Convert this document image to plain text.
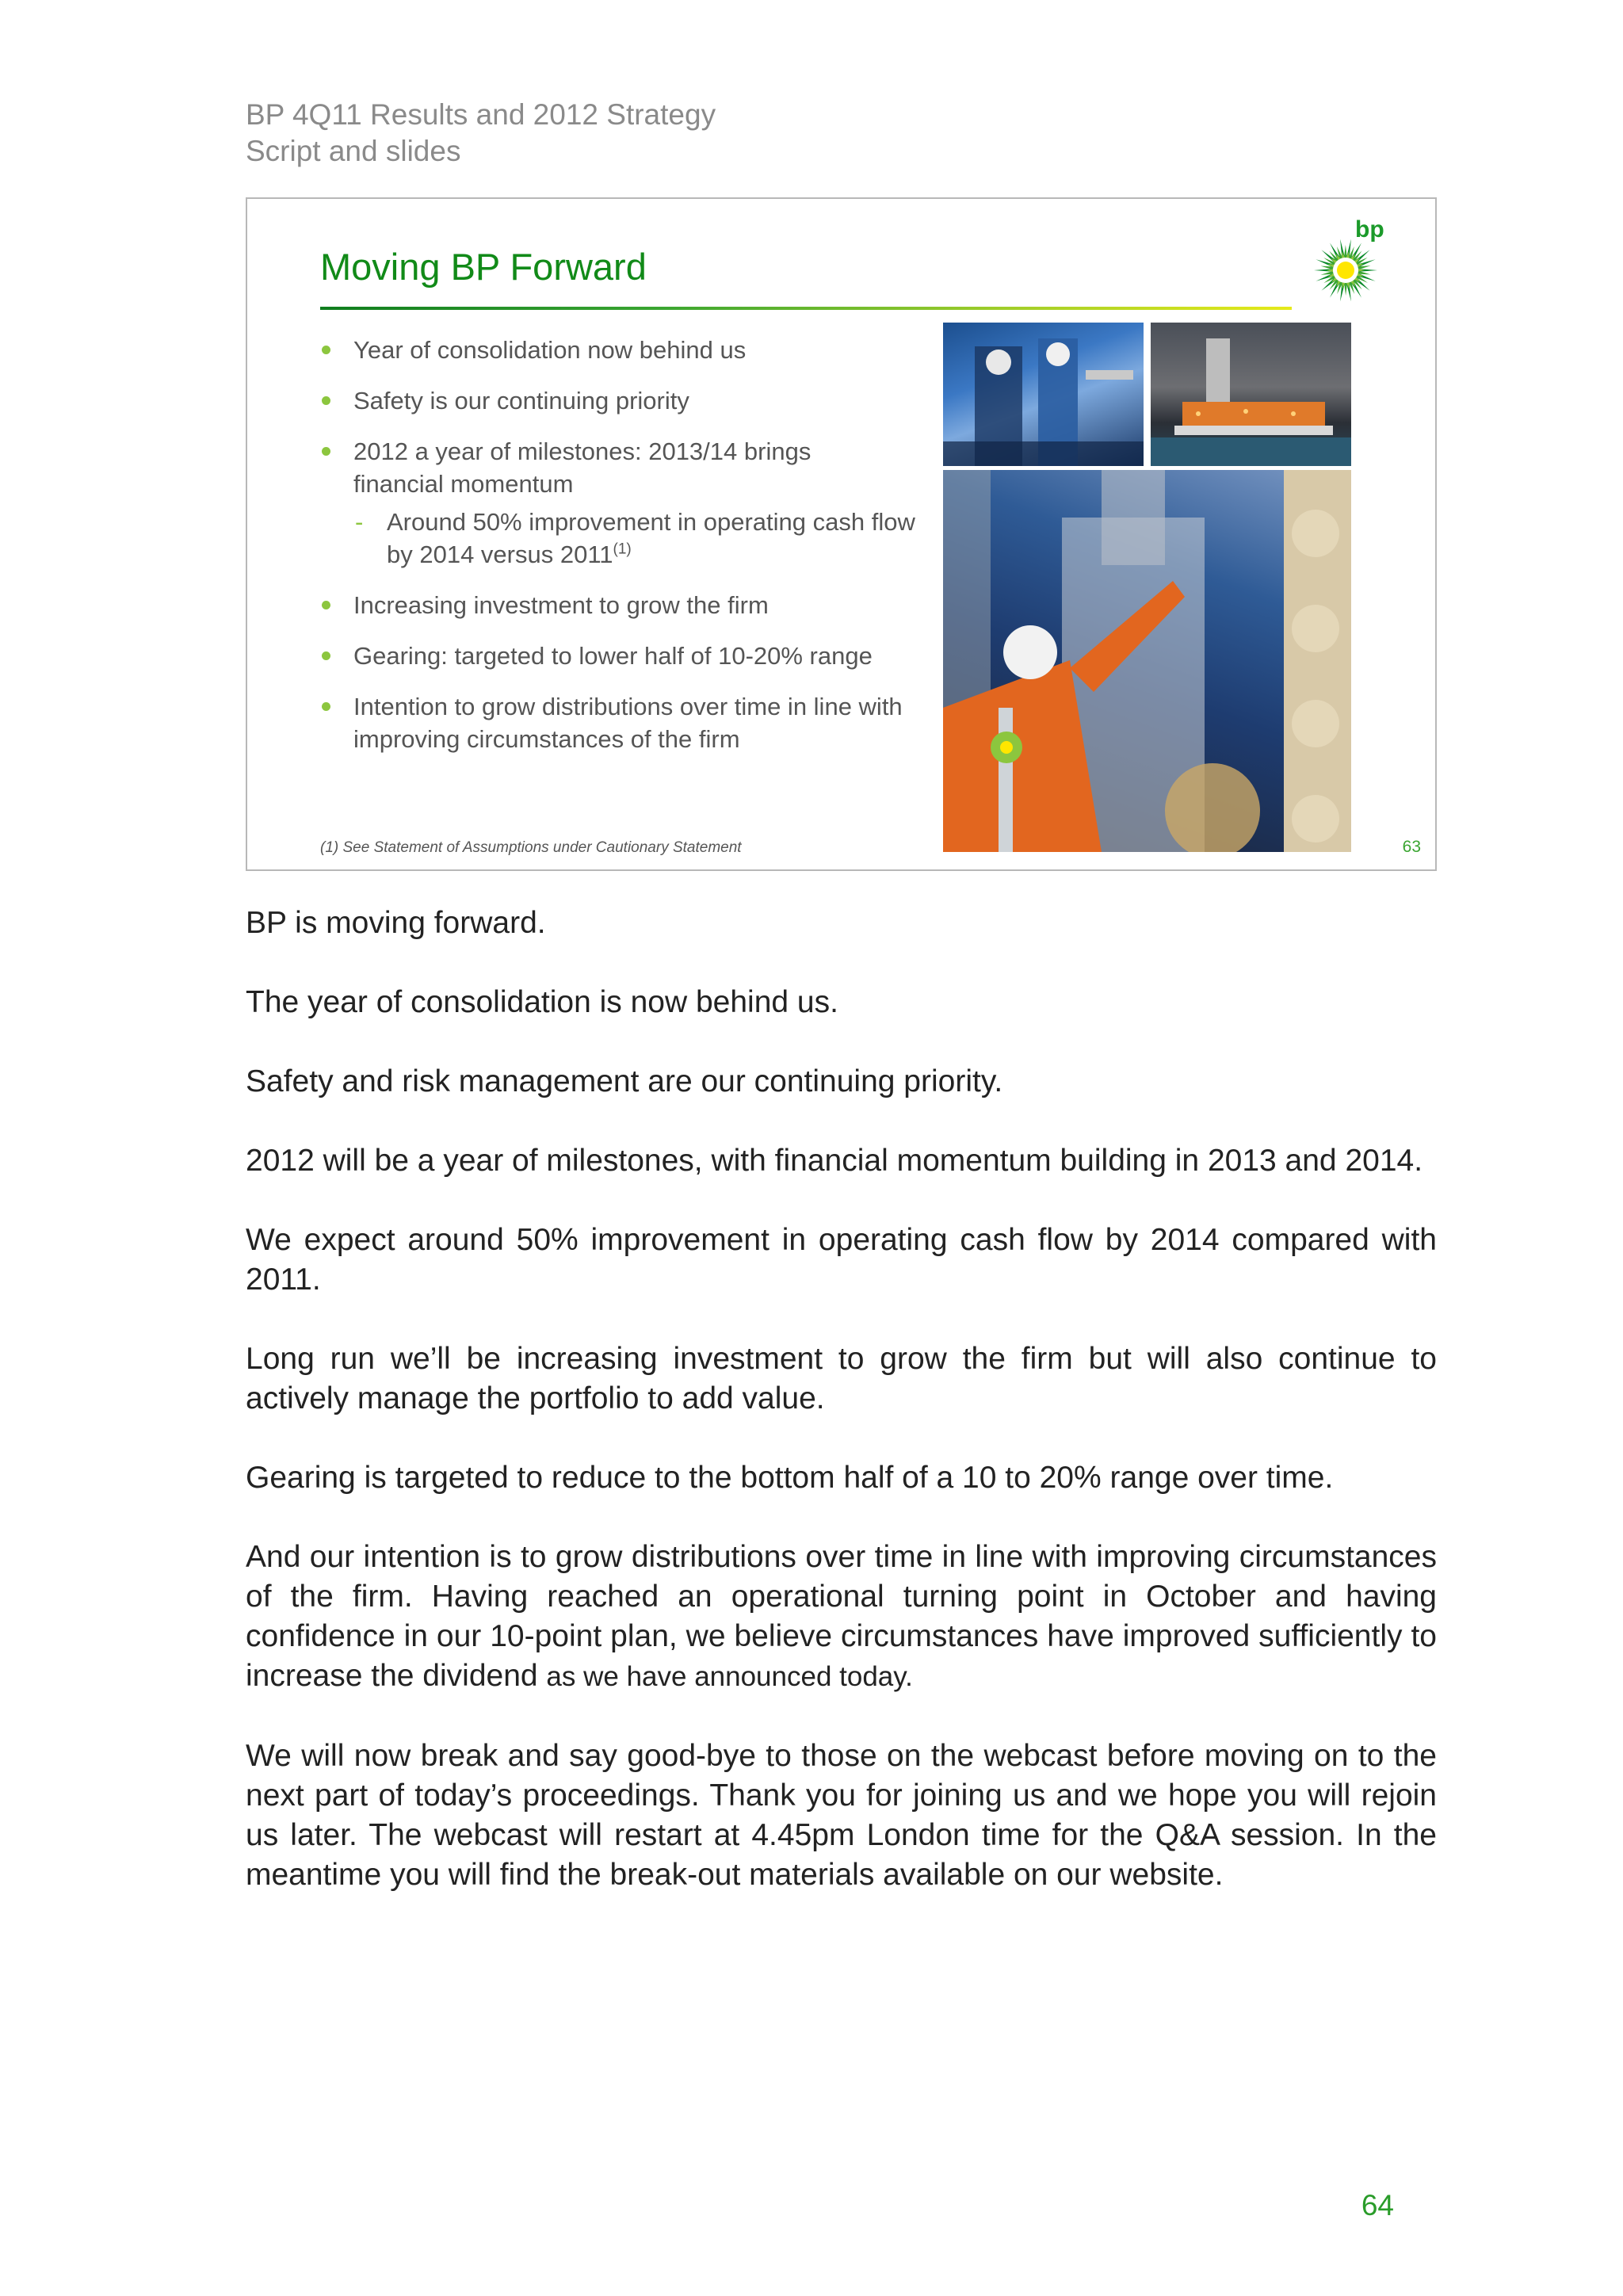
BP 4Q11 Results and 2012 Strategy
Script and slides
Moving BP Forward
bp
Year of consolidation now behind us
Safety is our continuing priority
2012 a year of milestones: 2013/14 brings financial momentum
- Around 50% improvement in operating cash flow by 2014 versus 2011$^{(1)}$
Increasing investment to grow the firm
Gearing: targeted to lower half of 10-20% range
Intention to grow distributions over time in line with improving circumstances of the firm
(1) See Statement of Assumptions under Cautionary Statement	63

BP is moving forward.

The year of consolidation is now behind us.

Safety and risk management are our continuing priority.

2012 will be a year of milestones, with financial momentum building in 2013 and 2014.

We expect around 50% improvement in operating cash flow by 2014 compared with 2011.

Long run we’ll be increasing investment to grow the firm but will also continue to actively manage the portfolio to add value.

Gearing is targeted to reduce to the bottom half of a 10 to 20% range over time.

And our intention is to grow distributions over time in line with improving circumstances of the firm. Having reached an operational turning point in October and having confidence in our 10-point plan, we believe circumstances have improved sufficiently to increase the dividend as we have announced today.

We will now break and say good-bye to those on the webcast before moving on to the next part of today’s proceedings. Thank you for joining us and we hope you will rejoin us later. The webcast will restart at 4.45pm London time for the Q&A session. In the meantime you will find the break-out materials available on our website.

64
